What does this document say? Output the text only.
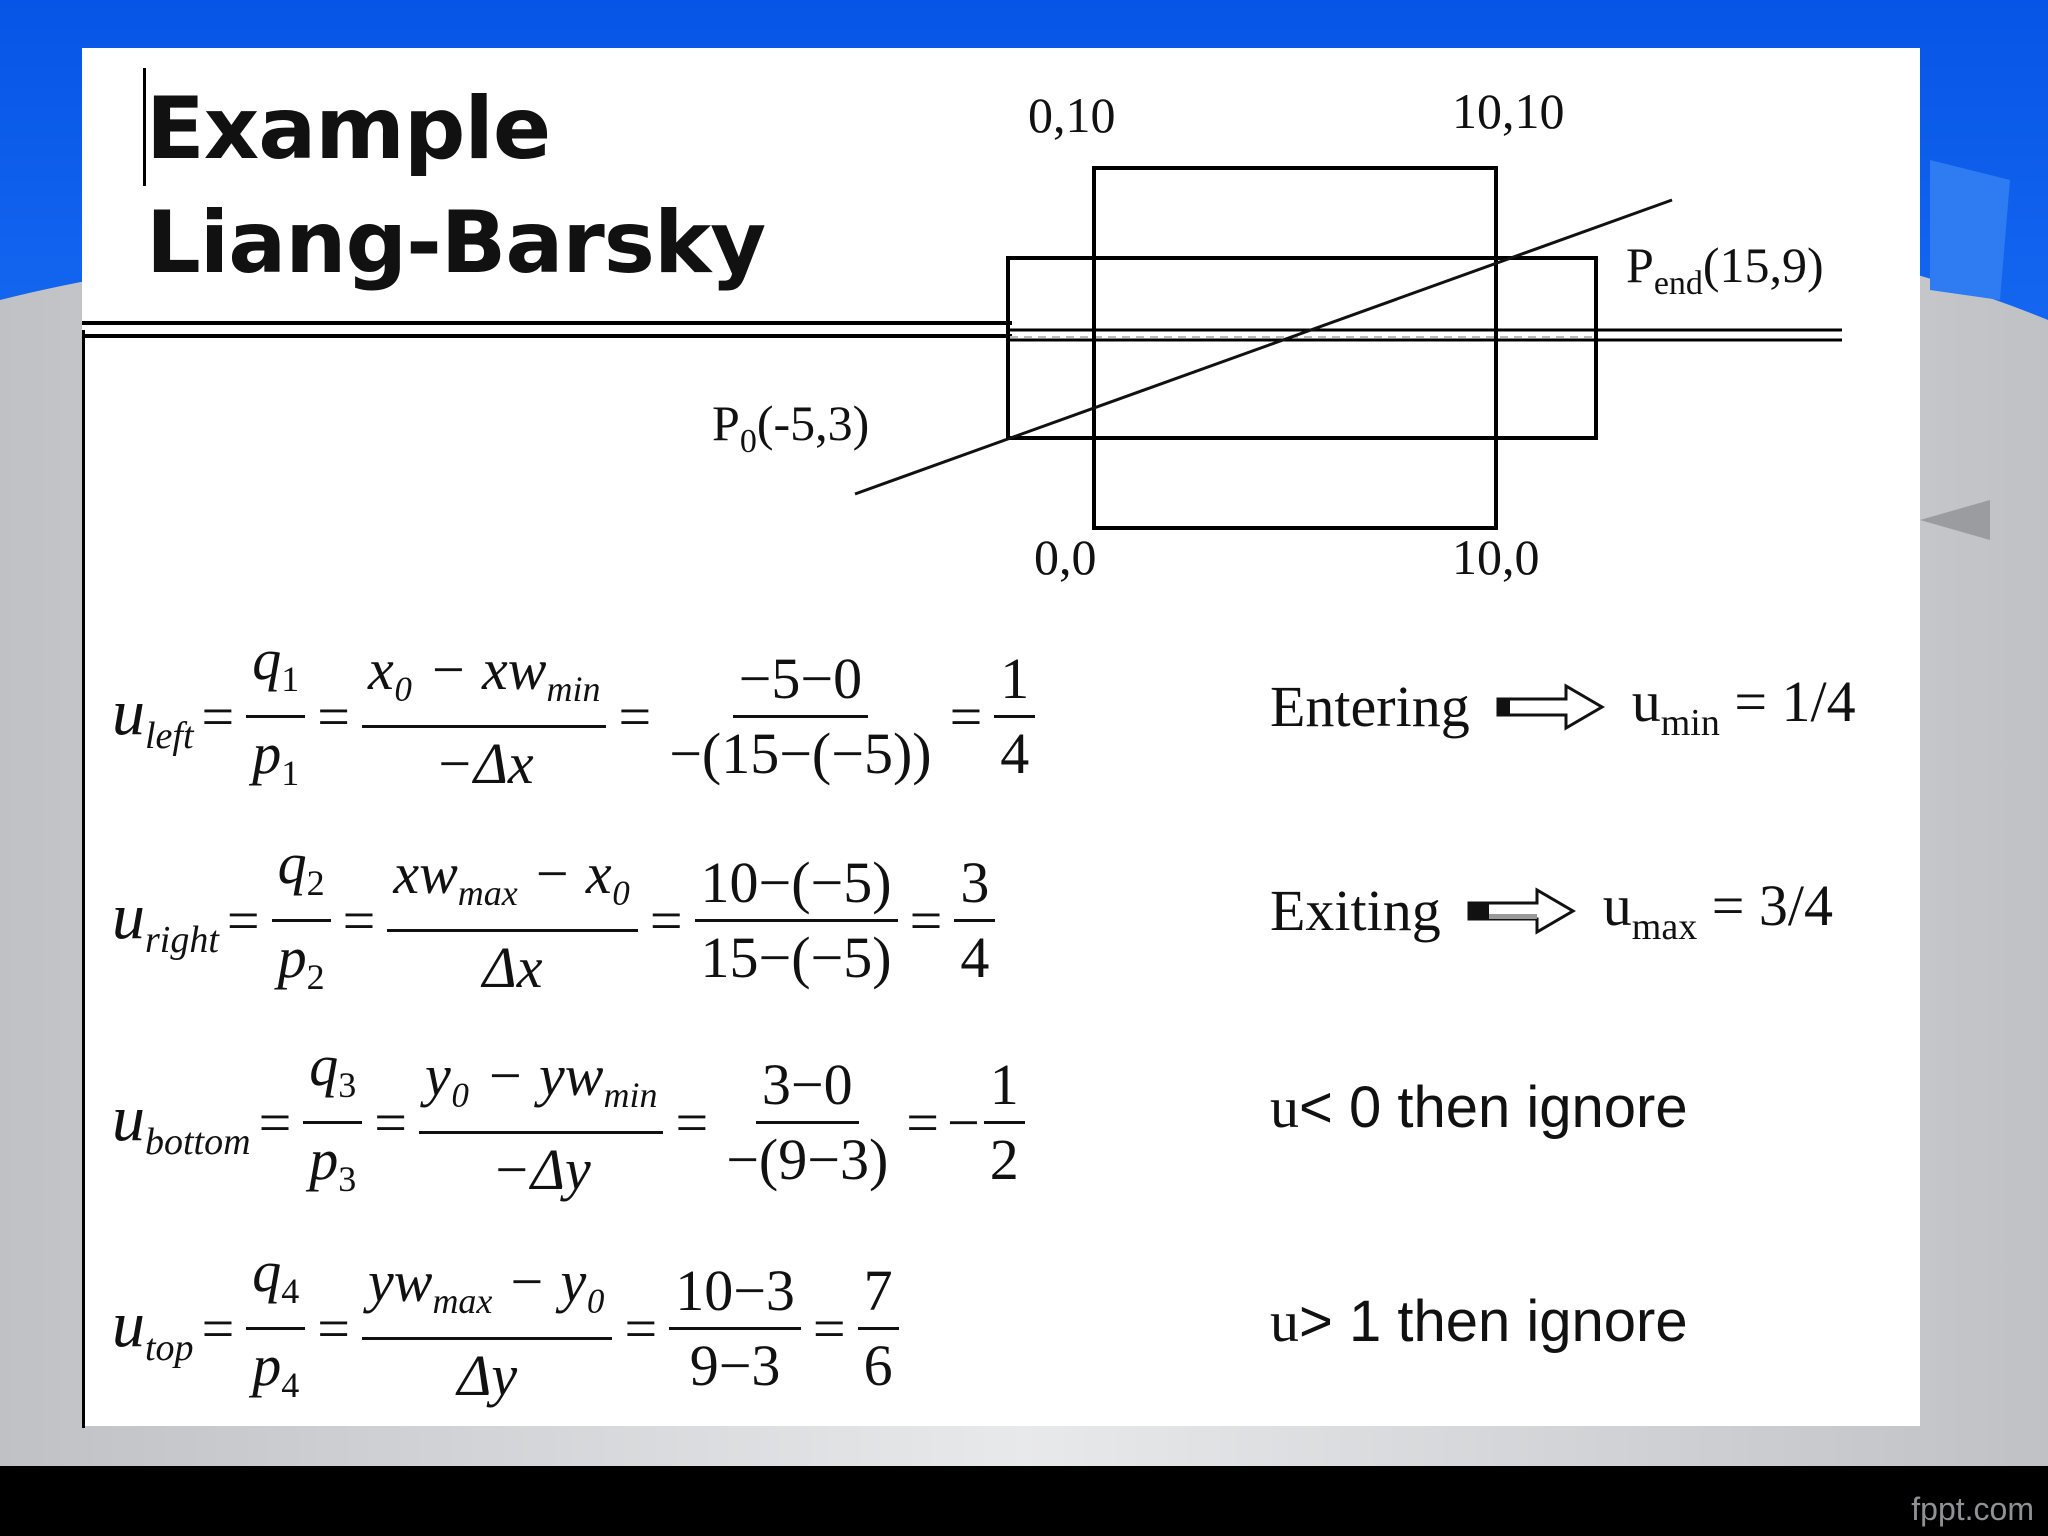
Example
Liang-Barsky
0,10	10,10
0,0	10,0
$P_0(-5,3)$
$P_{end}(15,9)$
$u_{left} = \frac{q_1}{p_1} = \frac{x_0 - xw_{min}}{-\Delta x} = \frac{-5-0}{-(15-(-5))} = \frac{1}{4}$
$u_{right} = \frac{q_2}{p_2} = \frac{xw_{max} - x_0}{\Delta x} = \frac{10-(-5)}{15-(-5)} = \frac{3}{4}$
$u_{bottom} = \frac{q_3}{p_3} = \frac{y_0 - yw_{min}}{-\Delta y} = \frac{3-0}{-(9-3)}$ = − $\frac{1}{2}$
$u_{top} = \frac{q_4}{p_4} = \frac{yw_{max} - y_0}{\Delta y} = \frac{10-3}{9-3} = \frac{7}{6}$
Entering	$u_{min} = 1/4$
Exiting	$u_{max} = 3/4$
u < 0 then ignore
u > 1 then ignore
fppt.com
